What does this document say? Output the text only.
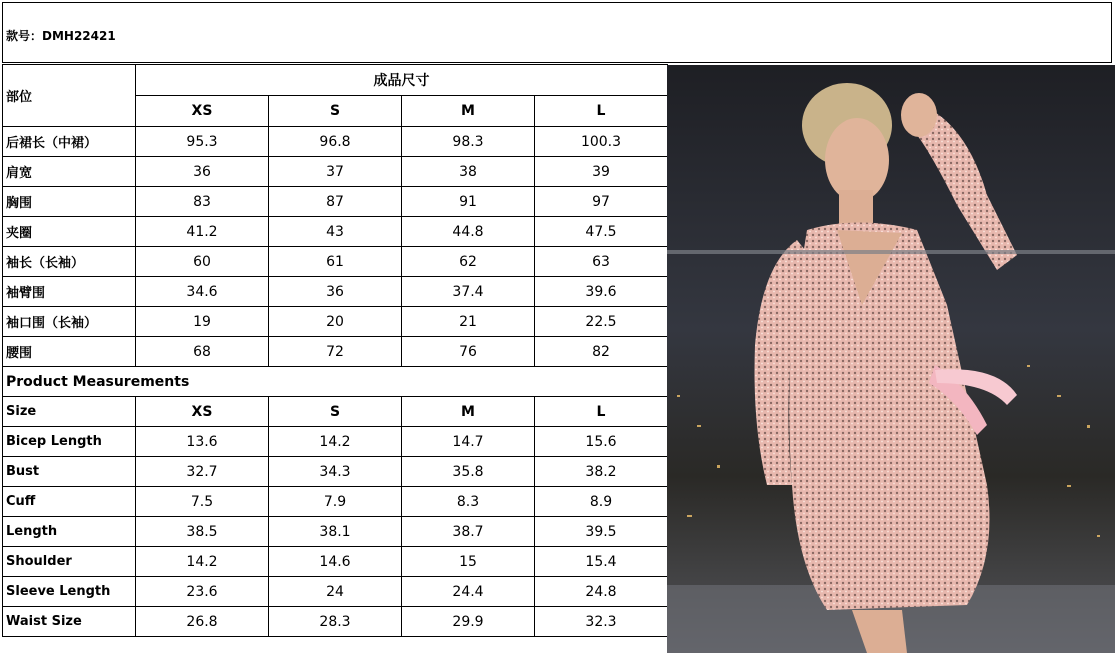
款号：DMH22421
部位	成品尺寸			
	XS	S	M	L
后裙长（中裙）	95.3	96.8	98.3	100.3
肩宽	36	37	38	39
胸围	83	87	91	97
夹圈	41.2	43	44.8	47.5
袖长（长袖）	60	61	62	63
袖臂围	34.6	36	37.4	39.6
袖口围（长袖）	19	20	21	22.5
腰围	68	72	76	82
Product Measurements				
Size	XS	S	M	L
Bicep Length	13.6	14.2	14.7	15.6
Bust	32.7	34.3	35.8	38.2
Cuff	7.5	7.9	8.3	8.9
Length	38.5	38.1	38.7	39.5
Shoulder	14.2	14.6	15	15.4
Sleeve Length	23.6	24	24.4	24.8
Waist Size	26.8	28.3	29.9	32.3
